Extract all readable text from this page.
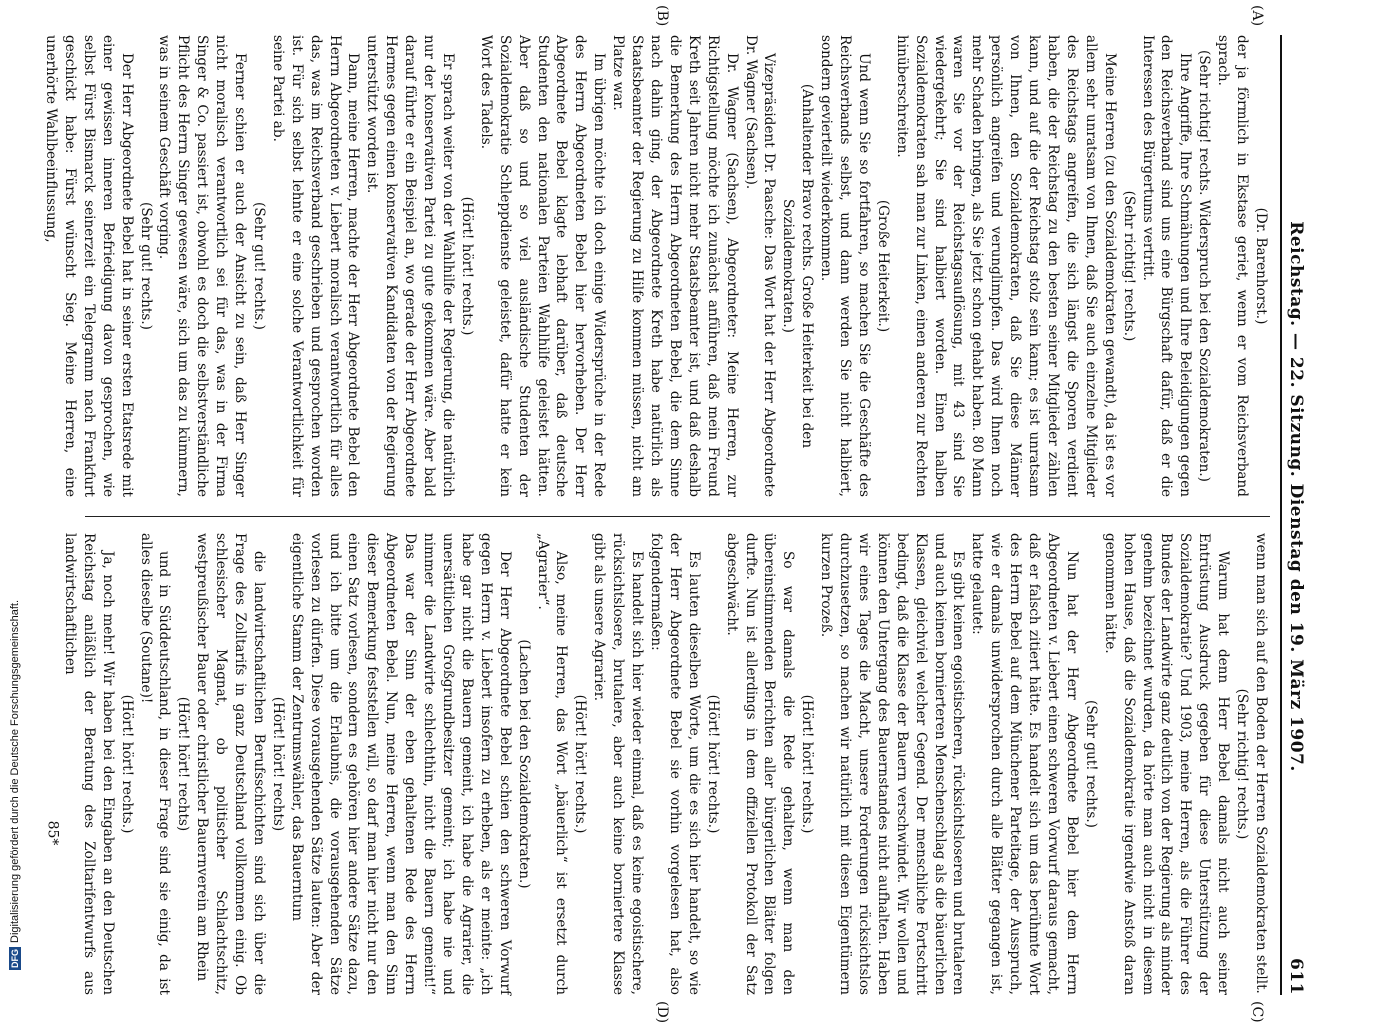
Reichstag. — 22. Sitzung. Dienstag den 19. März 1907.
611

(Dr. Barenhorst.)

der ja förmlich in Ekstase geriet, wenn er vom Reichsverband sprach.

(Sehr richtig! rechts. Widerspruch bei den Sozialdemokraten.)

Ihre Angriffe, Ihre Schmähungen und Ihre Beleidigungen gegen den Reichsverband sind uns eine Bürgschaft dafür, daß er die Interessen des Bürgertums vertritt.

(Sehr richtig! rechts.)

Meine Herren (zu den Sozialdemokraten gewandt), da ist es vor allem sehr unratsam von Ihnen, daß Sie auch einzelne Mitglieder des Reichstags angreifen, die sich längst die Sporen verdient haben, die der Reichstag zu den besten seiner Mitglieder zählen kann, und auf die der Reichstag stolz sein kann; es ist unratsam von Ihnen, den Sozialdemokraten, daß Sie diese Männer persönlich angreifen und verunglimpfen. Das wird Ihnen noch mehr Schaden bringen, als Sie jetzt schon gehabt haben. 80 Mann waren Sie vor der Reichstagsauflösung, mit 43 sind Sie wiedergekehrt; Sie sind halbiert worden. Einen halben Sozialdemokraten sah man zur Linken, einen anderen zur Rechten hinüberschreiten.

(Große Heiterkeit.)

Und wenn Sie so fortfahren, so machen Sie die Geschäfte des Reichsverbands selbst, und dann werden Sie nicht halbiert, sondern gevierteilt wiederkommen.

(Anhaltender Bravo rechts. Große Heiterkeit bei den Sozialdemokraten.)

Vizepräsident Dr. Paasche: Das Wort hat der Herr Abgeordnete Dr. Wagner (Sachsen).

Dr. Wagner (Sachsen), Abgeordneter: Meine Herren, zur Richtigstellung möchte ich zunächst anführen, daß mein Freund Kreth seit Jahren nicht mehr Staatsbeamter ist, und daß deshalb die Bemerkung des Herrn Abgeordneten Bebel, die dem Sinne nach dahin ging, der Abgeordnete Kreth habe natürlich als Staatsbeamter der Regierung zu Hilfe kommen müssen, nicht am Platze war.

Im übrigen möchte ich doch einige Widersprüche in der Rede des Herrn Abgeordneten Bebel hier hervorheben. Der Herr Abgeordnete Bebel klagte lebhaft darüber, daß deutsche Studenten den nationalen Parteien Wahlhilfe geleistet hätten. Aber daß so und so viel ausländische Studenten der Sozialdemokratie Schleppdienste geleistet, dafür hatte er kein Wort des Tadels.

(Hört! hört! rechts.)

Er sprach weiter von der Wahlhilfe der Regierung, die natürlich nur der konservativen Partei zu gute gekommen wäre. Aber bald darauf führte er ein Beispiel an, wo gerade der Herr Abgeordnete Hermes gegen einen konservativen Kandidaten von der Regierung unterstützt worden ist.

Dann, meine Herren, machte der Herr Abgeordnete Bebel den Herrn Abgeordneten v. Liebert moralisch verantwortlich für alles das, was im Reichsverband geschrieben und gesprochen worden ist. Für sich selbst lehnte er eine solche Verantwortlichkeit für seine Partei ab.

(Sehr gut! rechts.)

Ferner schien er auch der Ansicht zu sein, daß Herr Singer nicht moralisch verantwortlich sei für das, was in der Firma Singer & Co. passiert ist, obwohl es doch die selbstverständliche Pflicht des Herrn Singer gewesen wäre, sich um das zu kümmern, was in seinem Geschäft vorging.

(Sehr gut! rechts.)

Der Herr Abgeordnete Bebel hat in seiner ersten Etatsrede mit einer gewissen inneren Befriedigung davon gesprochen, wie selbst Fürst Bismarck seinerzeit ein Telegramm nach Frankfurt geschickt habe: Fürst wünscht Sieg. Meine Herren, eine unerhörte Wahlbeeinflussung,

wenn man sich auf den Boden der Herren Sozialdemokraten stellt.

(Sehr richtig! rechts.)

Warum hat denn Herr Bebel damals nicht auch seiner Entrüstung Ausdruck gegeben für diese Unterstützung der Sozialdemokratie? Und 1903, meine Herren, als die Führer des Bundes der Landwirte ganz deutlich von der Regierung als minder genehm bezeichnet wurden, da hörte man auch nicht in diesem hohen Hause, daß die Sozialdemokratie irgendwie Anstoß daran genommen hätte.

(Sehr gut! rechts.)

Nun hat der Herr Abgeordnete Bebel hier dem Herrn Abgeordneten v. Liebert einen schweren Vorwurf daraus gemacht, daß er falsch zitiert hätte. Es handelt sich um das berühmte Wort des Herrn Bebel auf dem Münchener Parteitage, der Ausspruch, wie er damals unwidersprochen durch alle Blätter gegangen ist, hatte gelautet:

Es gibt keinen egoistischeren, rücksichtsloseren und brutaleren und auch keinen bornierteren Menschenschlag als die bäuerlichen Klassen, gleichviel welcher Gegend. Der menschliche Fortschritt bedingt, daß die Klasse der Bauern verschwindet. Wir wollen und können den Untergang des Bauernstandes nicht aufhalten. Haben wir eines Tages die Macht, unsere Forderungen rücksichtslos durchzusetzen, so machen wir natürlich mit diesen Eigentümern kurzen Prozeß.

(Hört! hört! rechts.)

So war damals die Rede gehalten, wenn man den übereinstimmenden Berichten aller bürgerlichen Blätter folgen durfte. Nun ist allerdings in dem offiziellen Protokoll der Satz abgeschwächt.

(Hört! hört! rechts.)

Es lauten dieselben Worte, um die es sich hier handelt, so wie der Herr Abgeordnete Bebel sie vorhin vorgelesen hat, also folgendermaßen:

Es handelt sich hier wieder einmal, daß es keine egoistischere, rücksichtslosere, brutalere, aber auch keine borniertere Klasse gibt als unsere Agrarier.

(Hört! hört! rechts.)

Also, meine Herren, das Wort „bäuerlich“ ist ersetzt durch „Agrarier“.

(Lachen bei den Sozialdemokraten.)

Der Herr Abgeordnete Bebel schien den schweren Vorwurf gegen Herrn v. Liebert insofern zu erheben, als er meinte: „ich habe gar nicht die Bauern gemeint, ich habe die Agrarier, die unersättlichen Großgrundbesitzer gemeint; ich habe nie und nimmer die Landwirte schlechthin, nicht die Bauern gemeint!“ Das war der Sinn der eben gehaltenen Rede des Herrn Abgeordneten Bebel. Nun, meine Herren, wenn man den Sinn dieser Bemerkung feststellen will, so darf man hier nicht nur den einen Satz vorlesen, sondern es gehören hier andere Sätze dazu, und ich bitte um die Erlaubnis, die vorausgehenden Sätze vorlesen zu dürfen. Diese vorausgehenden Sätze lauten: Aber der eigentliche Stamm der Zentrumswähler, das Bauerntum

(Hört! hört! rechts)

die landwirtschaftlichen Berufsschichten sind sich über die Frage des Zolltarifs in ganz Deutschland vollkommen einig. Ob schlesischer Magnat, ob politischer Schlachtschitz, westpreußischer Bauer oder christlicher Bauernverein am Rhein

(Hört! hört! rechts)

und in Süddeutschland, in dieser Frage sind sie einig, da ist alles dieselbe (Soutane)!

(Hört! hört! rechts.)

Ja, noch mehr! Wir haben bei den Eingaben an den Deutschen Reichstag anläßlich der Beratung des Zolltarifentwurfs aus landwirtschaftlichen

(A)
(B)
(C)
(D)
DFG
Digitalisierung gefördert durch die Deutsche Forschungsgemeinschaft. 85*
